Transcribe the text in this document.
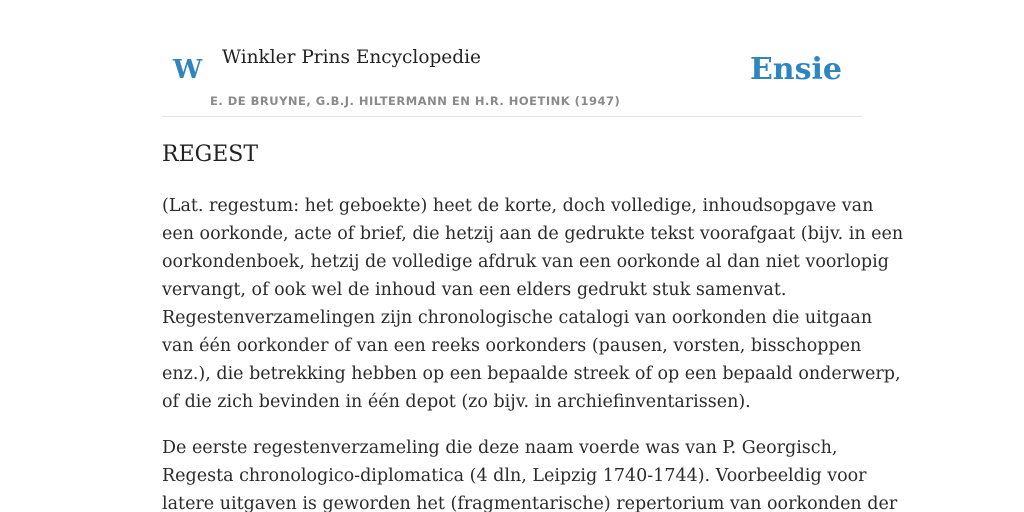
W Winkler Prins Encyclopedie
E. DE BRUYNE, G.B.J. HILTERMANN EN H.R. HOETINK (1947)
Ensie
REGEST

(Lat. regestum: het geboekte) heet de korte, doch volledige, inhoudsopgave van
een oorkonde, acte of brief, die hetzij aan de gedrukte tekst voorafgaat (bijv. in een
oorkondenboek, hetzij de volledige afdruk van een oorkonde al dan niet voorlopig
vervangt, of ook wel de inhoud van een elders gedrukt stuk samenvat.
Regestenverzamelingen zijn chronologische catalogi van oorkonden die uitgaan
van één oorkonder of van een reeks oorkonders (pausen, vorsten, bisschoppen
enz.), die betrekking hebben op een bepaalde streek of op een bepaald onderwerp,
of die zich bevinden in één depot (zo bijv. in archiefinventarissen).

De eerste regestenverzameling die deze naam voerde was van P. Georgisch,
Regesta chronologico-diplomatica (4 dln, Leipzig 1740-1744). Voorbeeldig voor
latere uitgaven is geworden het (fragmentarische) repertorium van oorkonden der
